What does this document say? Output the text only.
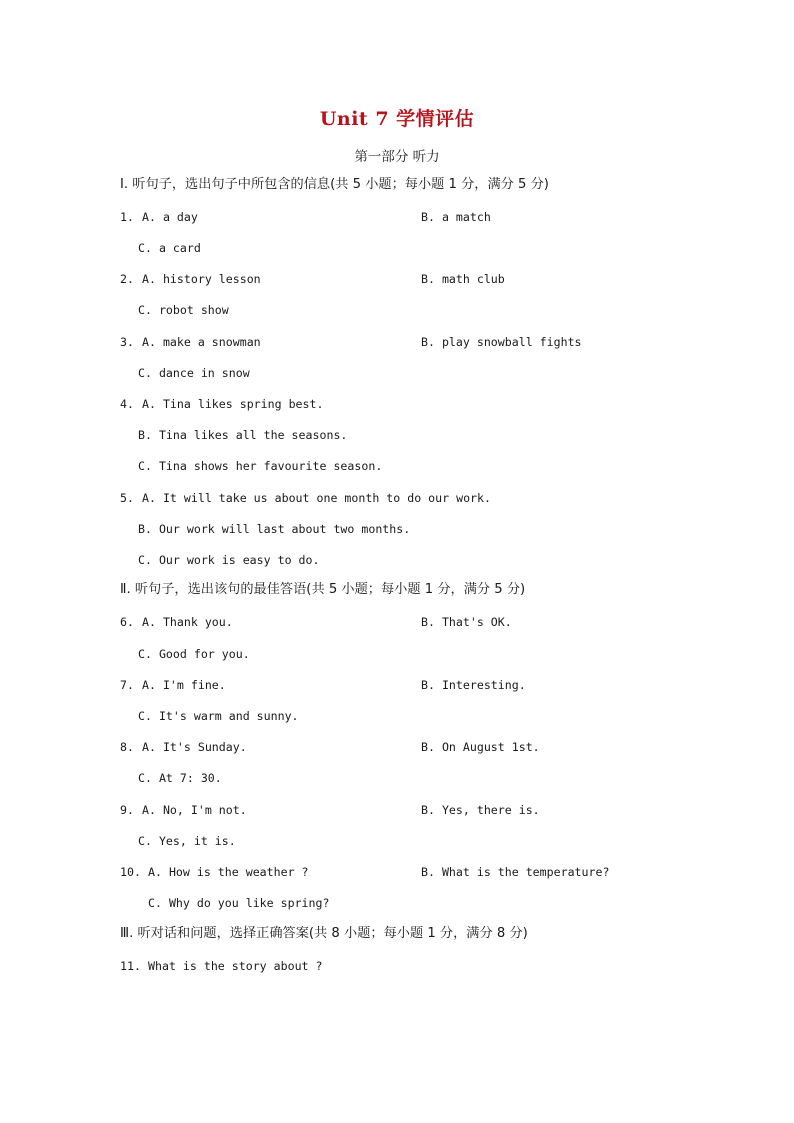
Unit 7 学情评估
第一部分 听力
Ⅰ. 听句子，选出句子中所包含的信息(共 5 小题；每小题 1 分，满分 5 分)
1. A. a day	B. a match
C. a card
2. A. history lesson	B. math club
C. robot show
3. A. make a snowman	B. play snowball fights
C. dance in snow
4. A. Tina likes spring best.
B. Tina likes all the seasons.
C. Tina shows her favourite season.
5. A. It will take us about one month to do our work.
B. Our work will last about two months.
C. Our work is easy to do.
Ⅱ. 听句子，选出该句的最佳答语(共 5 小题；每小题 1 分，满分 5 分)
6. A. Thank you.	B. That's OK.
C. Good for you.
7. A. I'm fine.	B. Interesting.
C. It's warm and sunny.
8. A. It's Sunday.	B. On August 1st.
C. At 7: 30.
9. A. No, I'm not.	B. Yes, there is.
C. Yes, it is.
10. A. How is the weather ?	B. What is the temperature?
C. Why do you like spring?
Ⅲ. 听对话和问题，选择正确答案(共 8 小题；每小题 1 分，满分 8 分)
11. What is the story about ?
